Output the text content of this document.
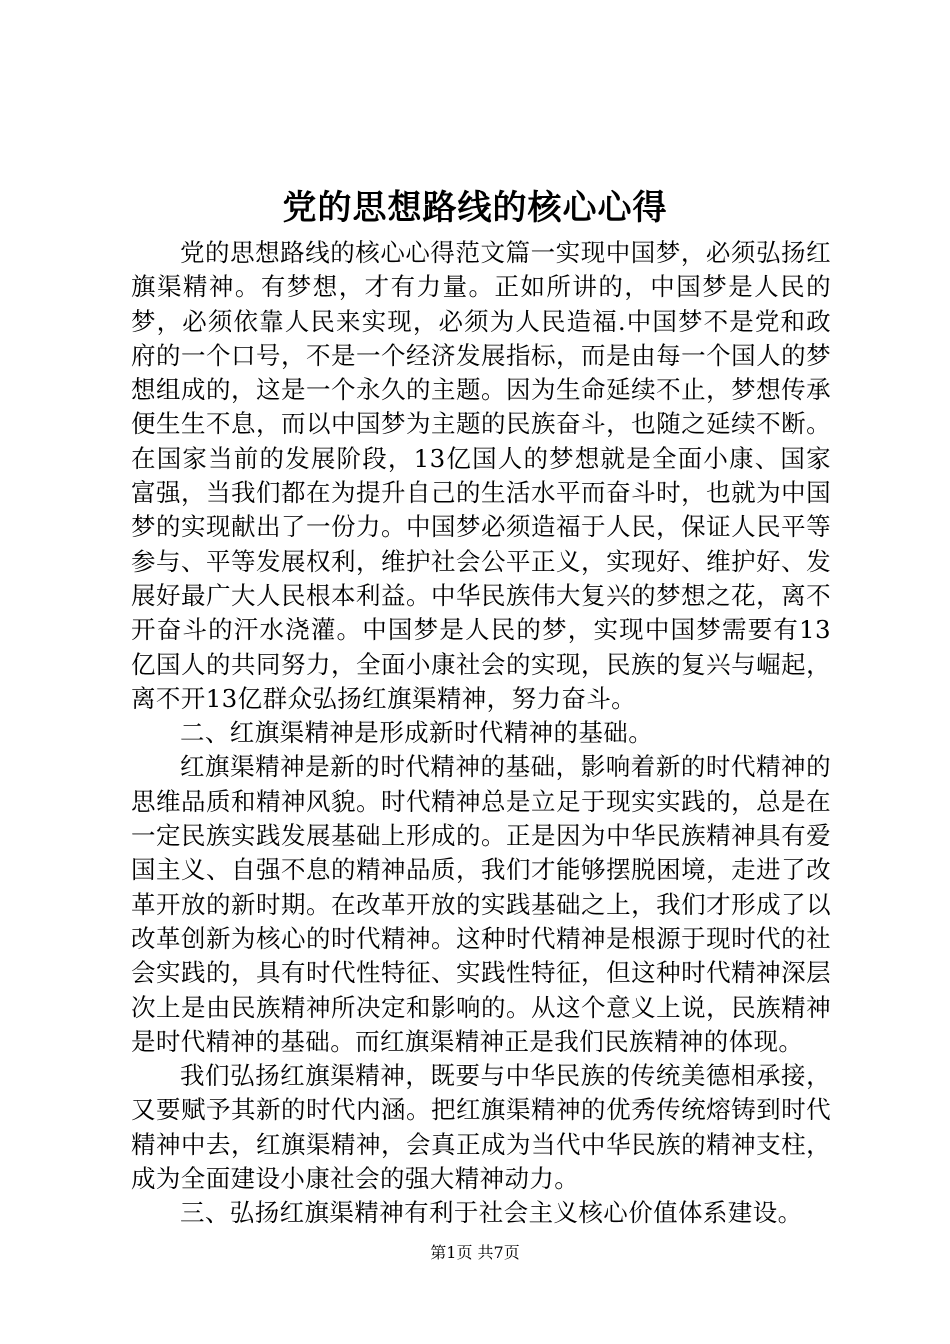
党的思想路线的核心心得

党的思想路线的核心心得范文篇一实现中国梦，必须弘扬红旗渠精神。有梦想，才有力量。正如所讲的，中国梦是人民的梦，必须依靠人民来实现，必须为人民造福.中国梦不是党和政府的一个口号，不是一个经济发展指标，而是由每一个国人的梦想组成的，这是一个永久的主题。因为生命延续不止，梦想传承便生生不息，而以中国梦为主题的民族奋斗，也随之延续不断。在国家当前的发展阶段，13亿国人的梦想就是全面小康、国家富强，当我们都在为提升自己的生活水平而奋斗时，也就为中国梦的实现献出了一份力。中国梦必须造福于人民，保证人民平等参与、平等发展权利，维护社会公平正义，实现好、维护好、发展好最广大人民根本利益。中华民族伟大复兴的梦想之花，离不开奋斗的汗水浇灌。中国梦是人民的梦，实现中国梦需要有13亿国人的共同努力，全面小康社会的实现，民族的复兴与崛起，离不开13亿群众弘扬红旗渠精神，努力奋斗。

二、红旗渠精神是形成新时代精神的基础。

红旗渠精神是新的时代精神的基础，影响着新的时代精神的思维品质和精神风貌。时代精神总是立足于现实实践的，总是在一定民族实践发展基础上形成的。正是因为中华民族精神具有爱国主义、自强不息的精神品质，我们才能够摆脱困境，走进了改革开放的新时期。在改革开放的实践基础之上，我们才形成了以改革创新为核心的时代精神。这种时代精神是根源于现时代的社会实践的，具有时代性特征、实践性特征，但这种时代精神深层次上是由民族精神所决定和影响的。从这个意义上说，民族精神是时代精神的基础。而红旗渠精神正是我们民族精神的体现。

我们弘扬红旗渠精神，既要与中华民族的传统美德相承接，又要赋予其新的时代内涵。把红旗渠精神的优秀传统熔铸到时代精神中去，红旗渠精神，会真正成为当代中华民族的精神支柱，成为全面建设小康社会的强大精神动力。

三、弘扬红旗渠精神有利于社会主义核心价值体系建设。

第1页 共7页
